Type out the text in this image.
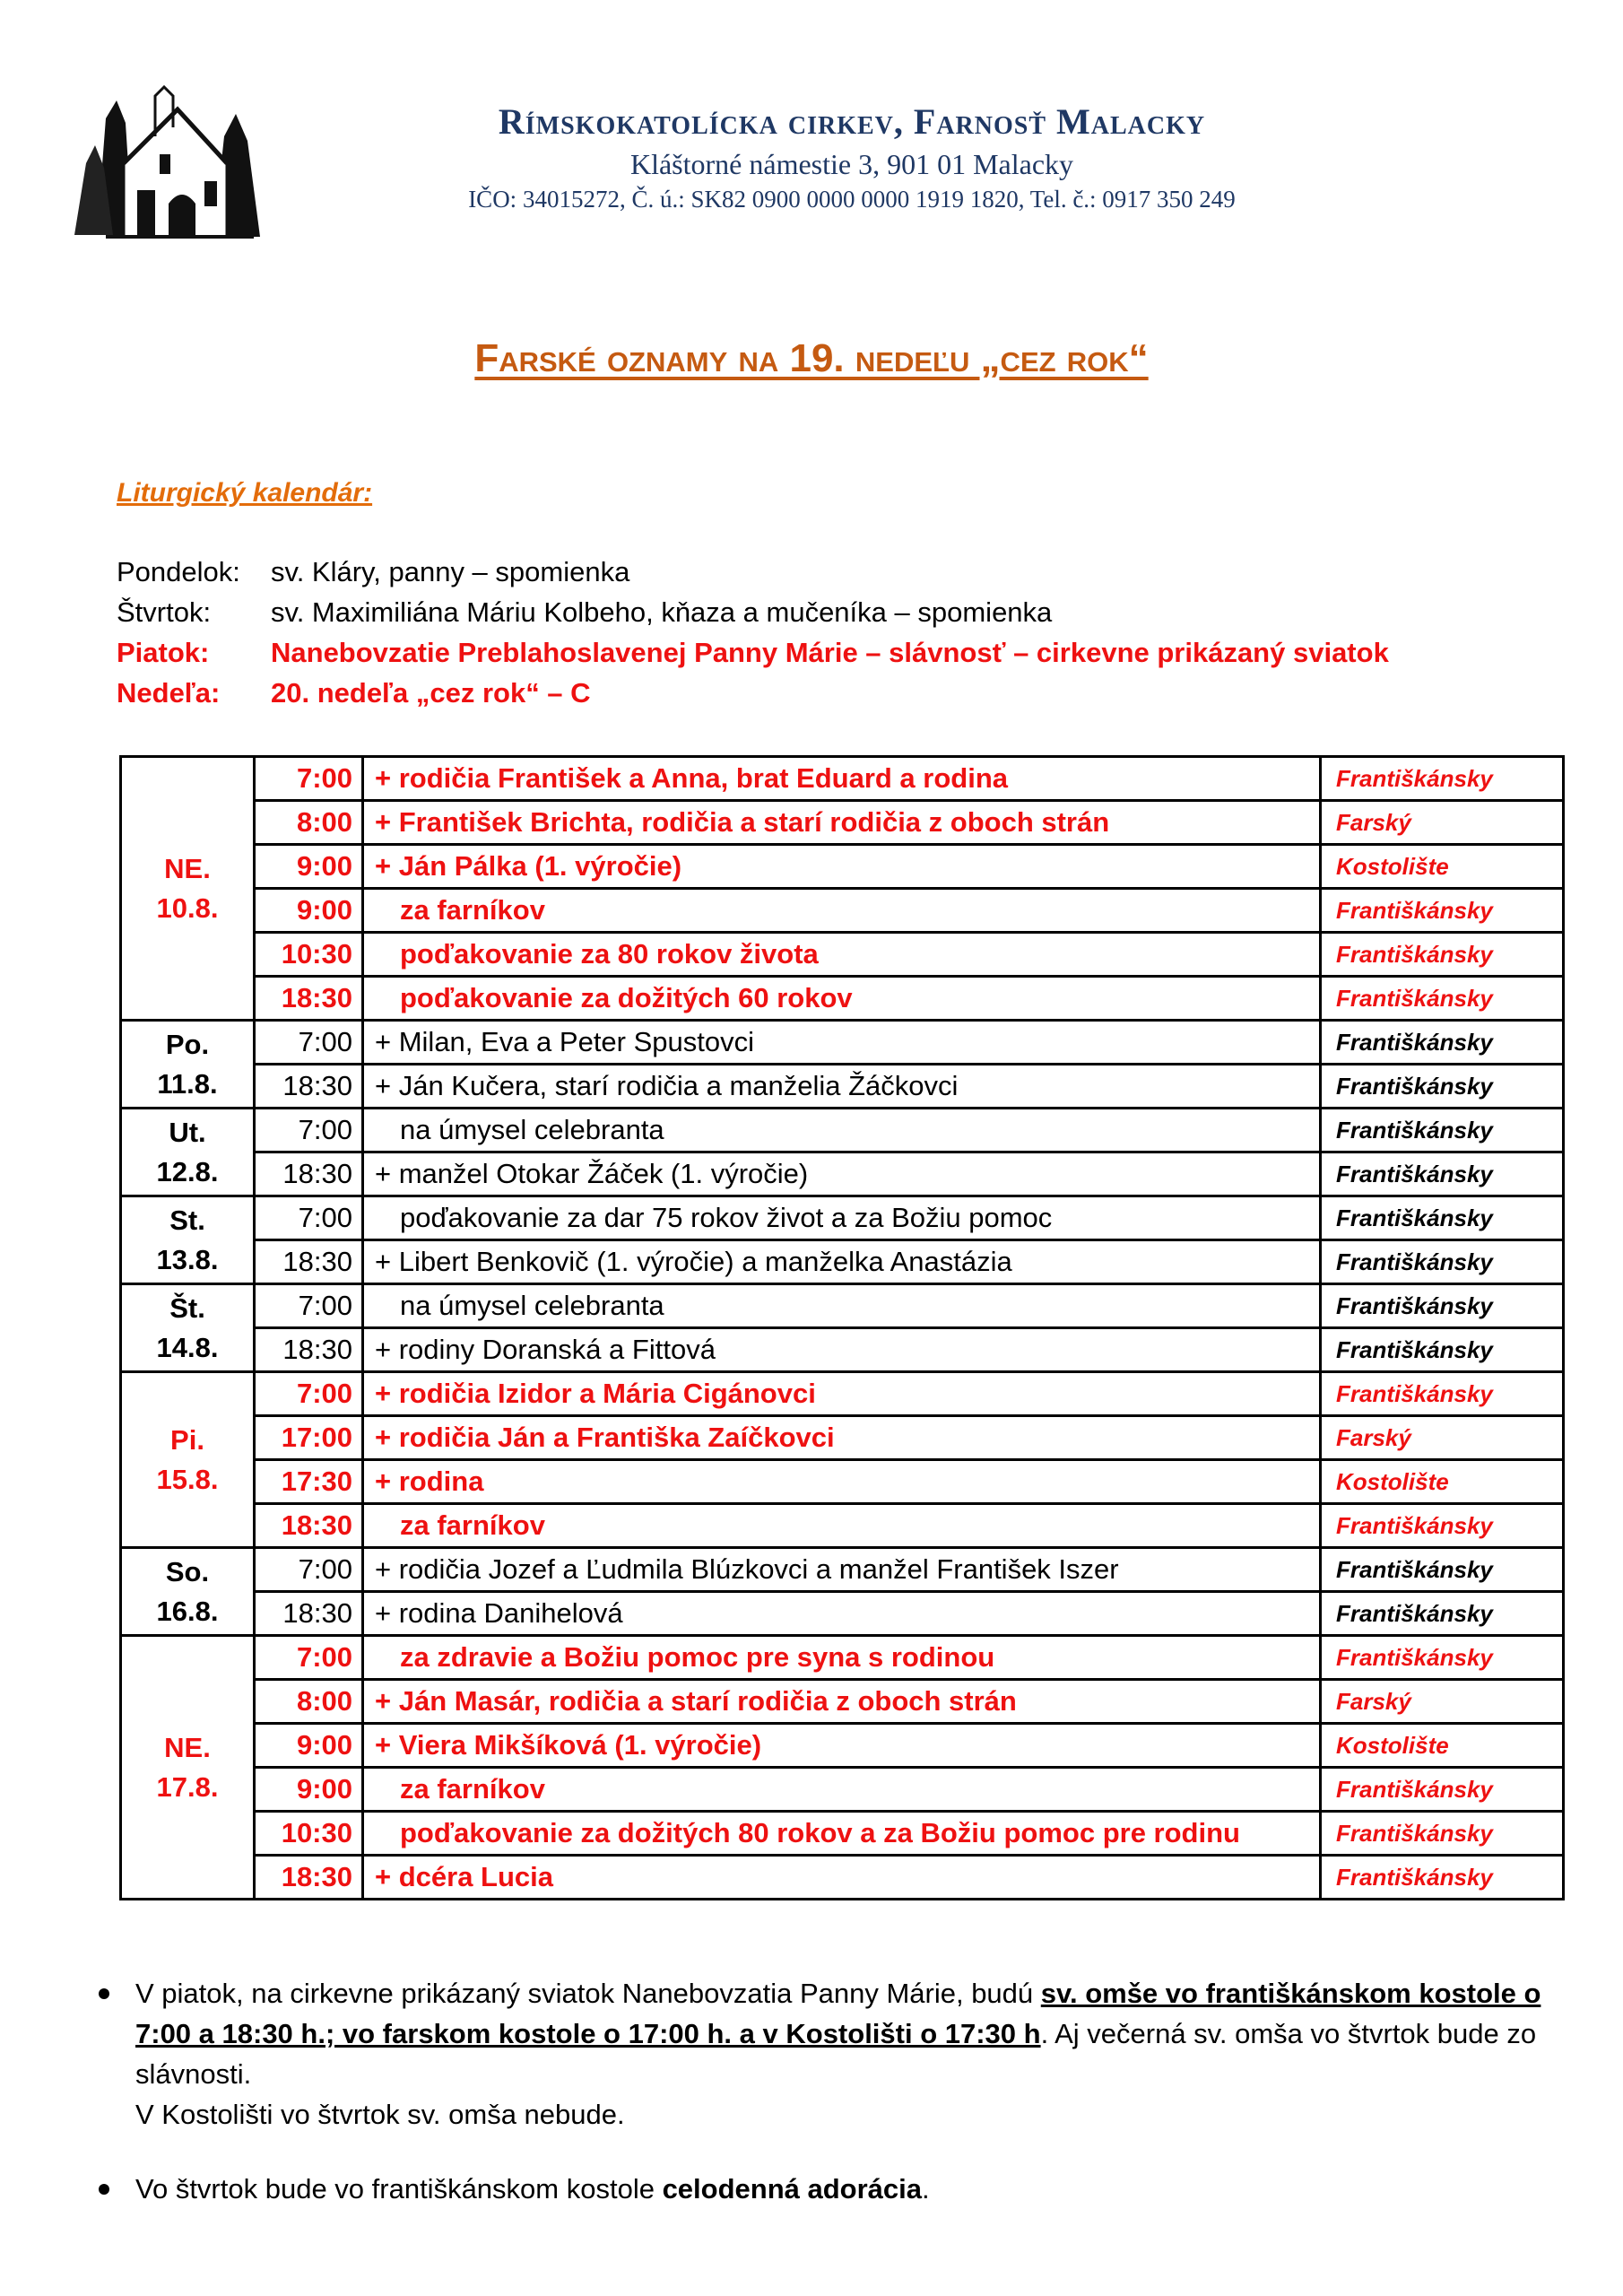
Rímskokatolícka cirkev, Farnosť Malacky
Kláštorné námestie 3, 901 01 Malacky
IČO: 34015272, Č. ú.: SK82 0900 0000 0000 1919 1820, Tel. č.: 0917 350 249
Farské oznamy na 19. nedeľu „cez rok“
Liturgický kalendár:
Pondelok: sv. Kláry, panny – spomienka
Štvrtok: sv. Maximiliána Máriu Kolbeho, kňaza a mučeníka – spomienka
Piatok: Nanebovzatie Preblahoslavenej Panny Márie – slávnosť – cirkevne prikázaný sviatok
Nedeľa: 20. nedeľa „cez rok“ – C
NE.
10.8.	7:00	+ rodičia František a Anna, brat Eduard a rodina	Františkánsky
	8:00	+ František Brichta, rodičia a starí rodičia z oboch strán	Farský
	9:00	+ Ján Pálka (1. výročie)	Kostolište
	9:00	za farníkov	Františkánsky
	10:30	poďakovanie za 80 rokov života	Františkánsky
	18:30	poďakovanie za dožitých 60 rokov	Františkánsky

Po.
11.8.	7:00	+ Milan, Eva a Peter Spustovci	Františkánsky
	18:30	+ Ján Kučera, starí rodičia a manželia Žáčkovci	Františkánsky

Ut.
12.8.	7:00	na úmysel celebranta	Františkánsky
	18:30	+ manžel Otokar Žáček (1. výročie)	Františkánsky

St.
13.8.	7:00	poďakovanie za dar 75 rokov život a za Božiu pomoc	Františkánsky
	18:30	+ Libert Benkovič (1. výročie) a manželka Anastázia	Františkánsky

Št.
14.8.	7:00	na úmysel celebranta	Františkánsky
	18:30	+ rodiny Doranská a Fittová	Františkánsky

Pi.
15.8.	7:00	+ rodičia Izidor a Mária Cigánovci	Františkánsky
	17:00	+ rodičia Ján a Františka Zaíčkovci	Farský
	17:30	+ rodina	Kostolište
	18:30	za farníkov	Františkánsky

So.
16.8.	7:00	+ rodičia Jozef a Ľudmila Blúzkovci a manžel František Iszer	Františkánsky
	18:30	+ rodina Danihelová	Františkánsky

NE.
17.8.	7:00	za zdravie a Božiu pomoc pre syna s rodinou	Františkánsky
	8:00	+ Ján Masár, rodičia a starí rodičia z oboch strán	Farský
	9:00	+ Viera Mikšíková (1. výročie)	Kostolište
	9:00	za farníkov	Františkánsky
	10:30	poďakovanie za dožitých 80 rokov a za Božiu pomoc pre rodinu	Františkánsky
	18:30	+ dcéra Lucia	Františkánsky
V piatok, na cirkevne prikázaný sviatok Nanebovzatia Panny Márie, budú sv. omše vo františkánskom kostole o 7:00 a 18:30 h.; vo farskom kostole o 17:00 h. a v Kostolišti o 17:30 h. Aj večerná sv. omša vo štvrtok bude zo slávnosti.
V Kostolišti vo štvrtok sv. omša nebude.
Vo štvrtok bude vo františkánskom kostole celodenná adorácia.
